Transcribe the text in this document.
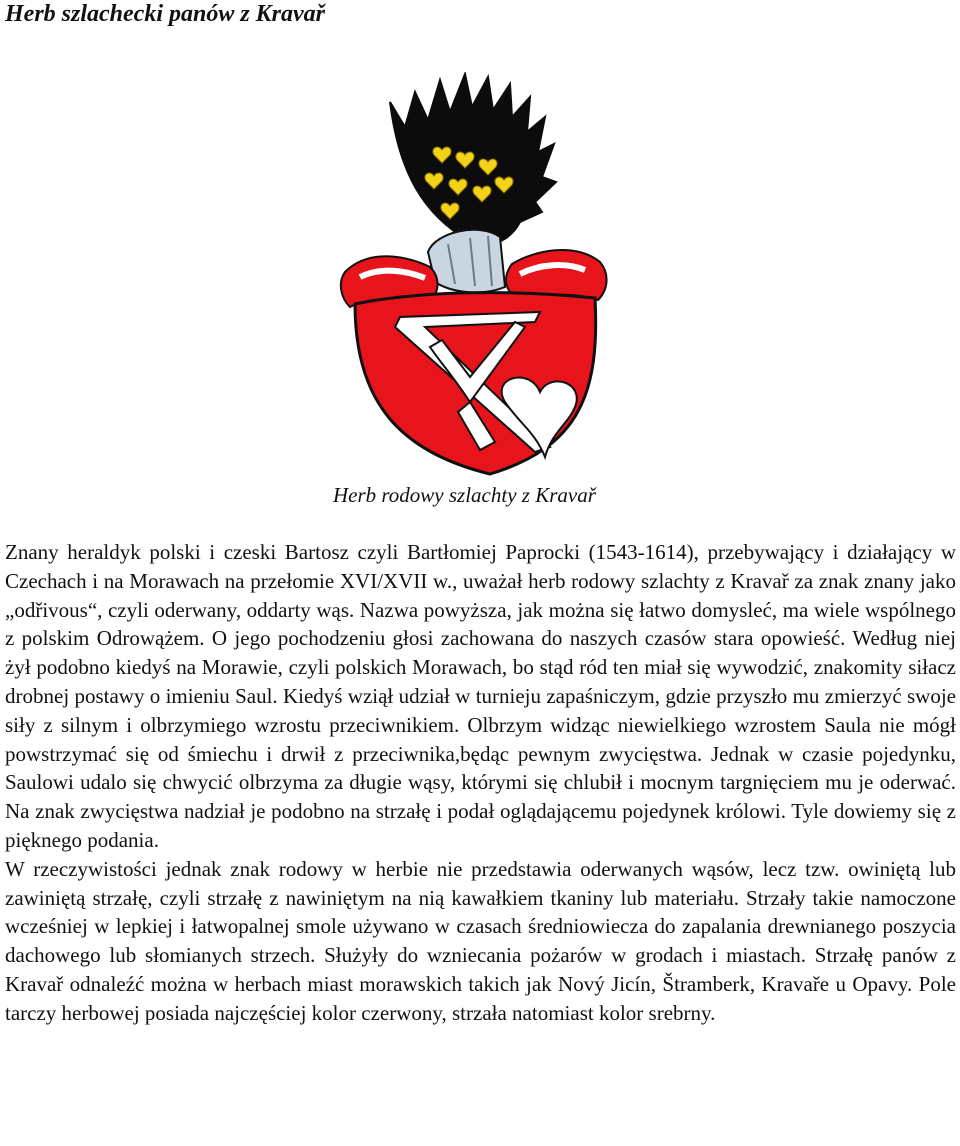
Herb szlachecki panów z Kravař
Herb rodowy szlachty z Kravař

Znany heraldyk polski i czeski Bartosz czyli Bartłomiej Paprocki (1543-1614), przebywający i działający w Czechach i na Morawach na przełomie XVI/XVII w., uważał herb rodowy szlachty z Kravař za znak znany jako „odřivous“, czyli oderwany, oddarty wąs. Nazwa powyższa, jak można się łatwo domysleć, ma wiele wspólnego z polskim Odrowążem. O jego pochodzeniu głosi zachowana do naszych czasów stara opowieść. Według niej żył podobno kiedyś na Morawie, czyli polskich Morawach, bo stąd ród ten miał się wywodzić, znakomity siłacz drobnej postawy o imieniu Saul. Kiedyś wziął udział w turnieju zapaśniczym, gdzie przyszło mu zmierzyć swoje siły z silnym i olbrzymiego wzrostu przeciwnikiem. Olbrzym widząc niewielkiego wzrostem Saula nie mógł powstrzymać się od śmiechu i drwił z przeciwnika,będąc pewnym zwycięstwa. Jednak w czasie pojedynku, Saulowi udalo się chwycić olbrzyma za długie wąsy, którymi się chlubił i mocnym targnięciem mu je oderwać. Na znak zwycięstwa nadział je podobno na strzałę i podał oglądającemu pojedynek królowi. Tyle dowiemy się z pięknego podania.

W rzeczywistości jednak znak rodowy w herbie nie przedstawia oderwanych wąsów, lecz tzw. owiniętą lub zawiniętą strzałę, czyli strzałę z nawiniętym na nią kawałkiem tkaniny lub materiału. Strzały takie namoczone wcześniej w lepkiej i łatwopalnej smole używano w czasach średniowiecza do zapalania drewnianego poszycia dachowego lub słomianych strzech. Służyły do wzniecania pożarów w grodach i miastach. Strzałę panów z Kravař odnaleźć można w herbach miast morawskich takich jak Nový Jicín, Štramberk, Kravaře u Opavy. Pole tarczy herbowej posiada najczęściej kolor czerwony, strzała natomiast kolor srebrny.
